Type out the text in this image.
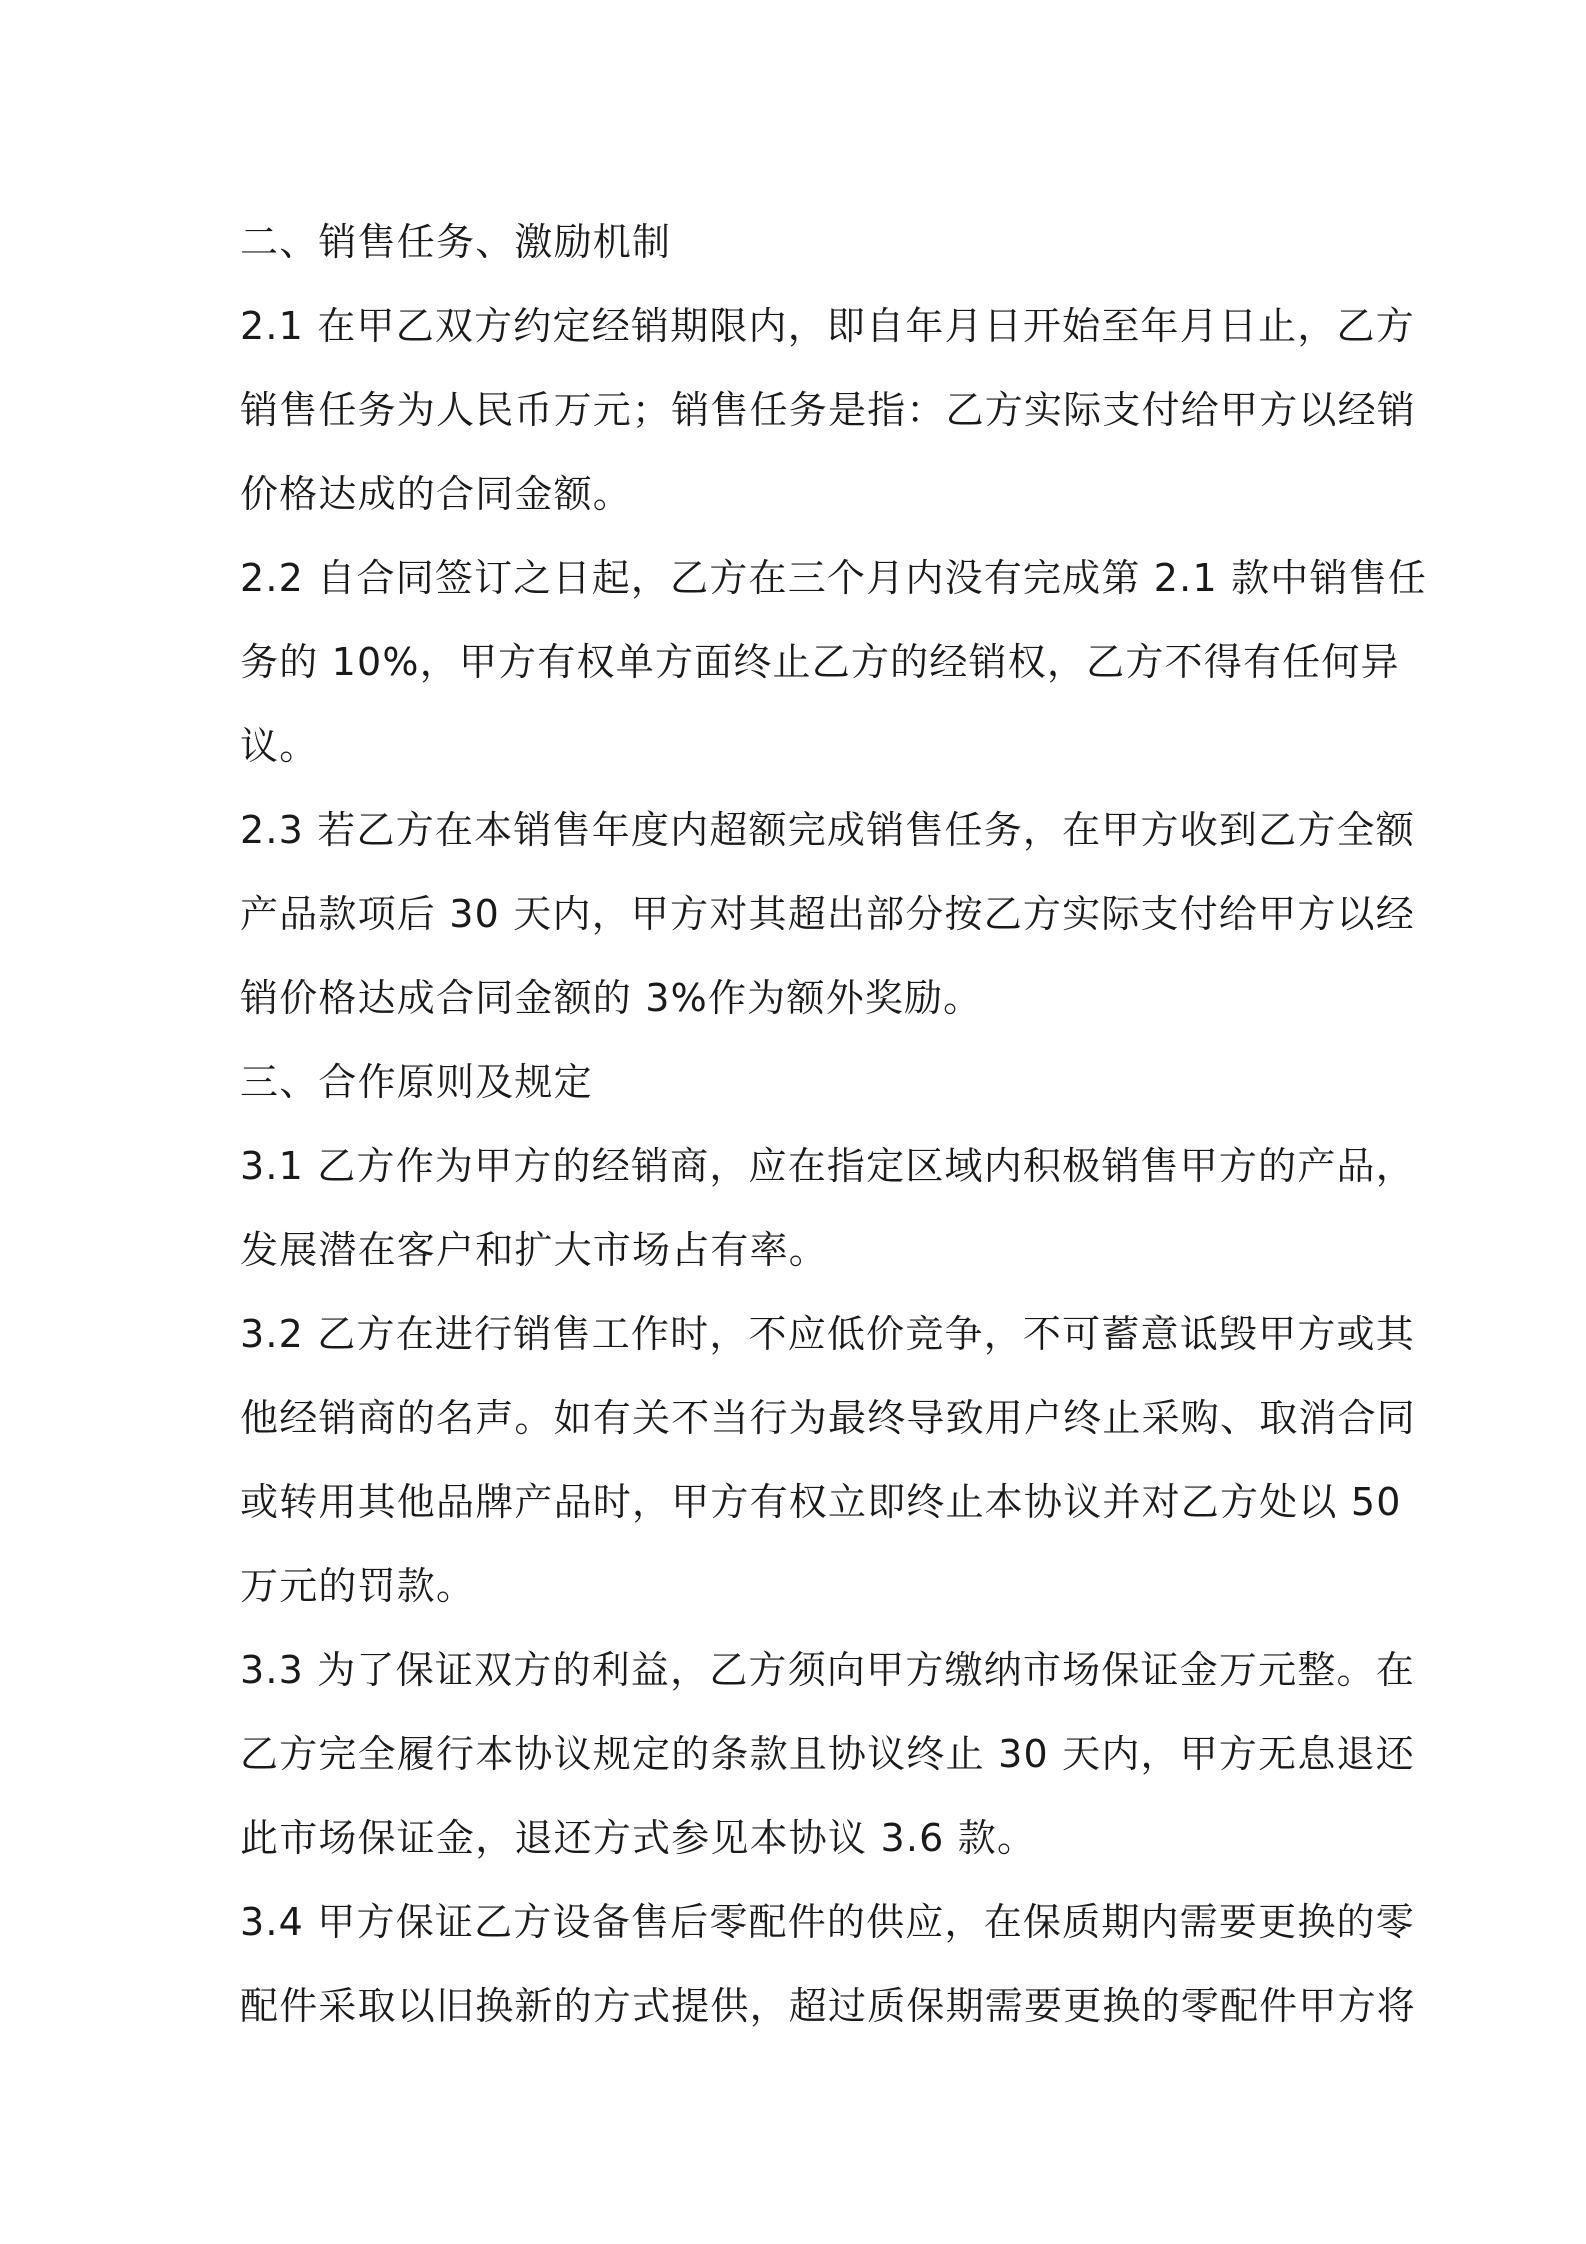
二、销售任务、激励机制
2.1 在甲乙双方约定经销期限内，即自年月日开始至年月日止，乙方
销售任务为人民币万元；销售任务是指：乙方实际支付给甲方以经销
价格达成的合同金额。
2.2 自合同签订之日起，乙方在三个月内没有完成第 2.1 款中销售任
务的 10%，甲方有权单方面终止乙方的经销权，乙方不得有任何异
议。
2.3 若乙方在本销售年度内超额完成销售任务，在甲方收到乙方全额
产品款项后 30 天内，甲方对其超出部分按乙方实际支付给甲方以经
销价格达成合同金额的 3%作为额外奖励。
三、合作原则及规定
3.1 乙方作为甲方的经销商，应在指定区域内积极销售甲方的产品，
发展潜在客户和扩大市场占有率。
3.2 乙方在进行销售工作时，不应低价竞争，不可蓄意诋毁甲方或其
他经销商的名声。如有关不当行为最终导致用户终止采购、取消合同
或转用其他品牌产品时，甲方有权立即终止本协议并对乙方处以 50
万元的罚款。
3.3 为了保证双方的利益，乙方须向甲方缴纳市场保证金万元整。在
乙方完全履行本协议规定的条款且协议终止 30 天内，甲方无息退还
此市场保证金，退还方式参见本协议 3.6 款。
3.4 甲方保证乙方设备售后零配件的供应，在保质期内需要更换的零
配件采取以旧换新的方式提供，超过质保期需要更换的零配件甲方将
